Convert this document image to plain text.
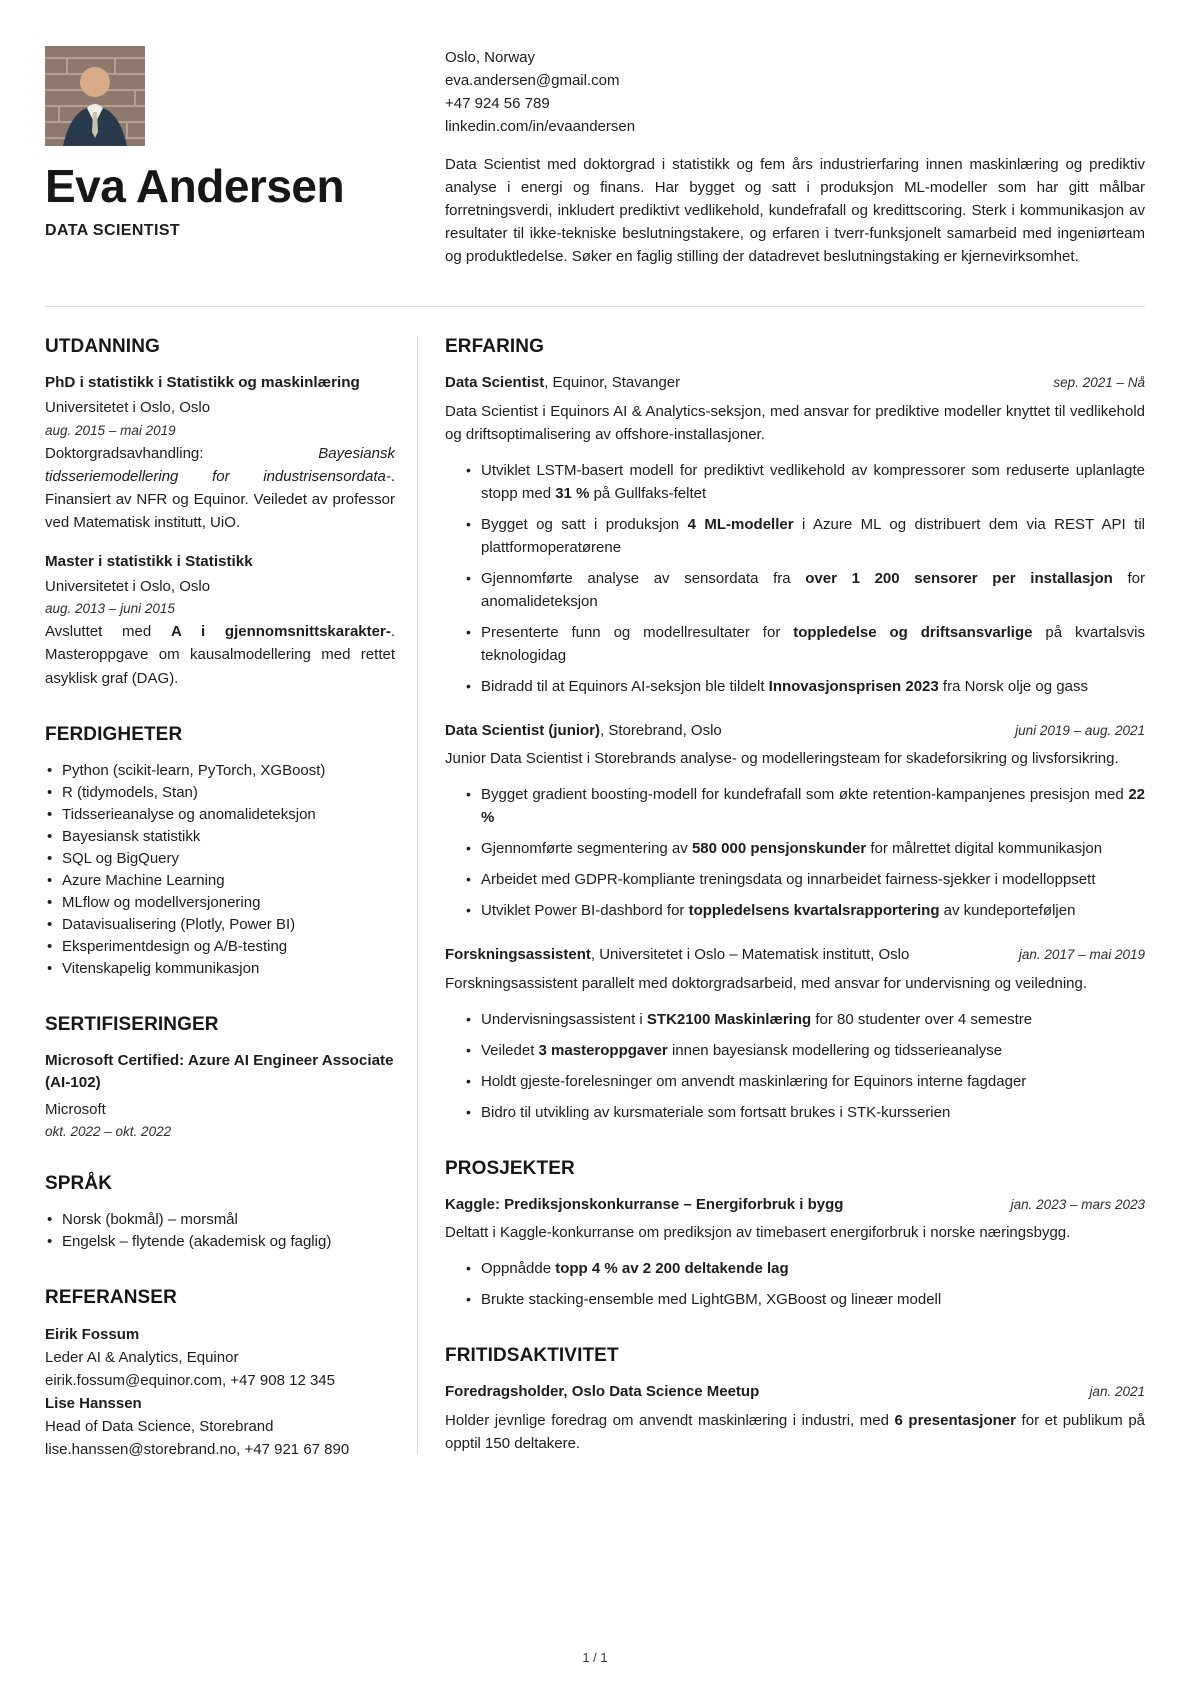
Eva Andersen
DATA SCIENTIST

Oslo, Norway

eva.andersen@gmail.com

+47 924 56 789

linkedin.com/in/evaandersen

Data Scientist med doktorgrad i statistikk og fem års industrierfaring innen maskinlæring og prediktiv analyse i energi og finans. Har bygget og satt i produksjon ML-modeller som har gitt målbar forretningsverdi, inkludert prediktivt vedlikehold, kundefrafall og kredittscoring. Sterk i kommunikasjon av resultater til ikke-tekniske beslutningstakere, og erfaren i tverr-funksjonelt samarbeid med ingeniørteam og produktledelse. Søker en faglig stilling der datadrevet beslutningstaking er kjernevirksomhet.

UTDANNING
PhD i statistikk i Statistikk og maskinlæring
Universitetet i Oslo, Oslo
aug. 2015 – mai 2019

Doktorgradsavhandling: Bayesiansk tidsseriemodellering for industrisensordata-. Finansiert av NFR og Equinor. Veiledet av professor ved Matematisk institutt, UiO.

Master i statistikk i Statistikk
Universitetet i Oslo, Oslo
aug. 2013 – juni 2015

Avsluttet med A i gjennomsnittskarakter-. Masteroppgave om kausalmodellering med rettet asyklisk graf (DAG).

FERDIGHETER
• Python (scikit-learn, PyTorch, XGBoost)
• R (tidymodels, Stan)
• Tidsserieanalyse og anomalideteksjon
• Bayesiansk statistikk
• SQL og BigQuery
• Azure Machine Learning
• MLflow og modellversjonering
• Datavisualisering (Plotly, Power BI)
• Eksperimentdesign og A/B-testing
• Vitenskapelig kommunikasjon
SERTIFISERINGER
Microsoft Certified: Azure AI Engineer Associate (AI-102)
Microsoft
okt. 2022 – okt. 2022
SPRÅK
• Norsk (bokmål) – morsmål
• Engelsk – flytende (akademisk og faglig)
REFERANSER
Eirik Fossum
Leder AI & Analytics, Equinor
eirik.fossum@equinor.com, +47 908 12 345
Lise Hanssen
Head of Data Science, Storebrand
lise.hanssen@storebrand.no, +47 921 67 890
ERFARING
Data Scientist, Equinor, Stavanger	sep. 2021 – Nå

Data Scientist i Equinors AI & Analytics-seksjon, med ansvar for prediktive modeller knyttet til vedlikehold og driftsoptimalisering av offshore-installasjoner.

• Utviklet LSTM-basert modell for prediktivt vedlikehold av kompressorer som reduserte uplanlagte stopp med 31 % på Gullfaks-feltet
• Bygget og satt i produksjon 4 ML-modeller i Azure ML og distribuert dem via REST API til plattformoperatørene
• Gjennomførte analyse av sensordata fra over 1 200 sensorer per installasjon for anomalideteksjon
• Presenterte funn og modellresultater for toppledelse og driftsansvarlige på kvartalsvis teknologidag
• Bidradd til at Equinors AI-seksjon ble tildelt Innovasjonsprisen 2023 fra Norsk olje og gass
Data Scientist (junior), Storebrand, Oslo	juni 2019 – aug. 2021

Junior Data Scientist i Storebrands analyse- og modelleringsteam for skadeforsikring og livsforsikring.

• Bygget gradient boosting-modell for kundefrafall som økte retention-kampanjenes presisjon med 22 %
• Gjennomførte segmentering av 580 000 pensjonskunder for målrettet digital kommunikasjon
• Arbeidet med GDPR-kompliante treningsdata og innarbeidet fairness-sjekker i modelloppsett
• Utviklet Power BI-dashbord for toppledelsens kvartalsrapportering av kundeporteføljen
Forskningsassistent, Universitetet i Oslo – Matematisk institutt, Oslo	jan. 2017 – mai 2019

Forskningsassistent parallelt med doktorgradsarbeid, med ansvar for undervisning og veiledning.

• Undervisningsassistent i STK2100 Maskinlæring for 80 studenter over 4 semestre
• Veiledet 3 masteroppgaver innen bayesiansk modellering og tidsserieanalyse
• Holdt gjeste-forelesninger om anvendt maskinlæring for Equinors interne fagdager
• Bidro til utvikling av kursmateriale som fortsatt brukes i STK-kursserien
PROSJEKTER
Kaggle: Prediksjonskonkurranse – Energiforbruk i bygg	jan. 2023 – mars 2023

Deltatt i Kaggle-konkurranse om prediksjon av timebasert energiforbruk i norske næringsbygg.

• Oppnådde topp 4 % av 2 200 deltakende lag
• Brukte stacking-ensemble med LightGBM, XGBoost og lineær modell
FRITIDSAKTIVITET
Foredragsholder, Oslo Data Science Meetup	jan. 2021

Holder jevnlige foredrag om anvendt maskinlæring i industri, med 6 presentasjoner for et publikum på opptil 150 deltakere.

1 / 1
